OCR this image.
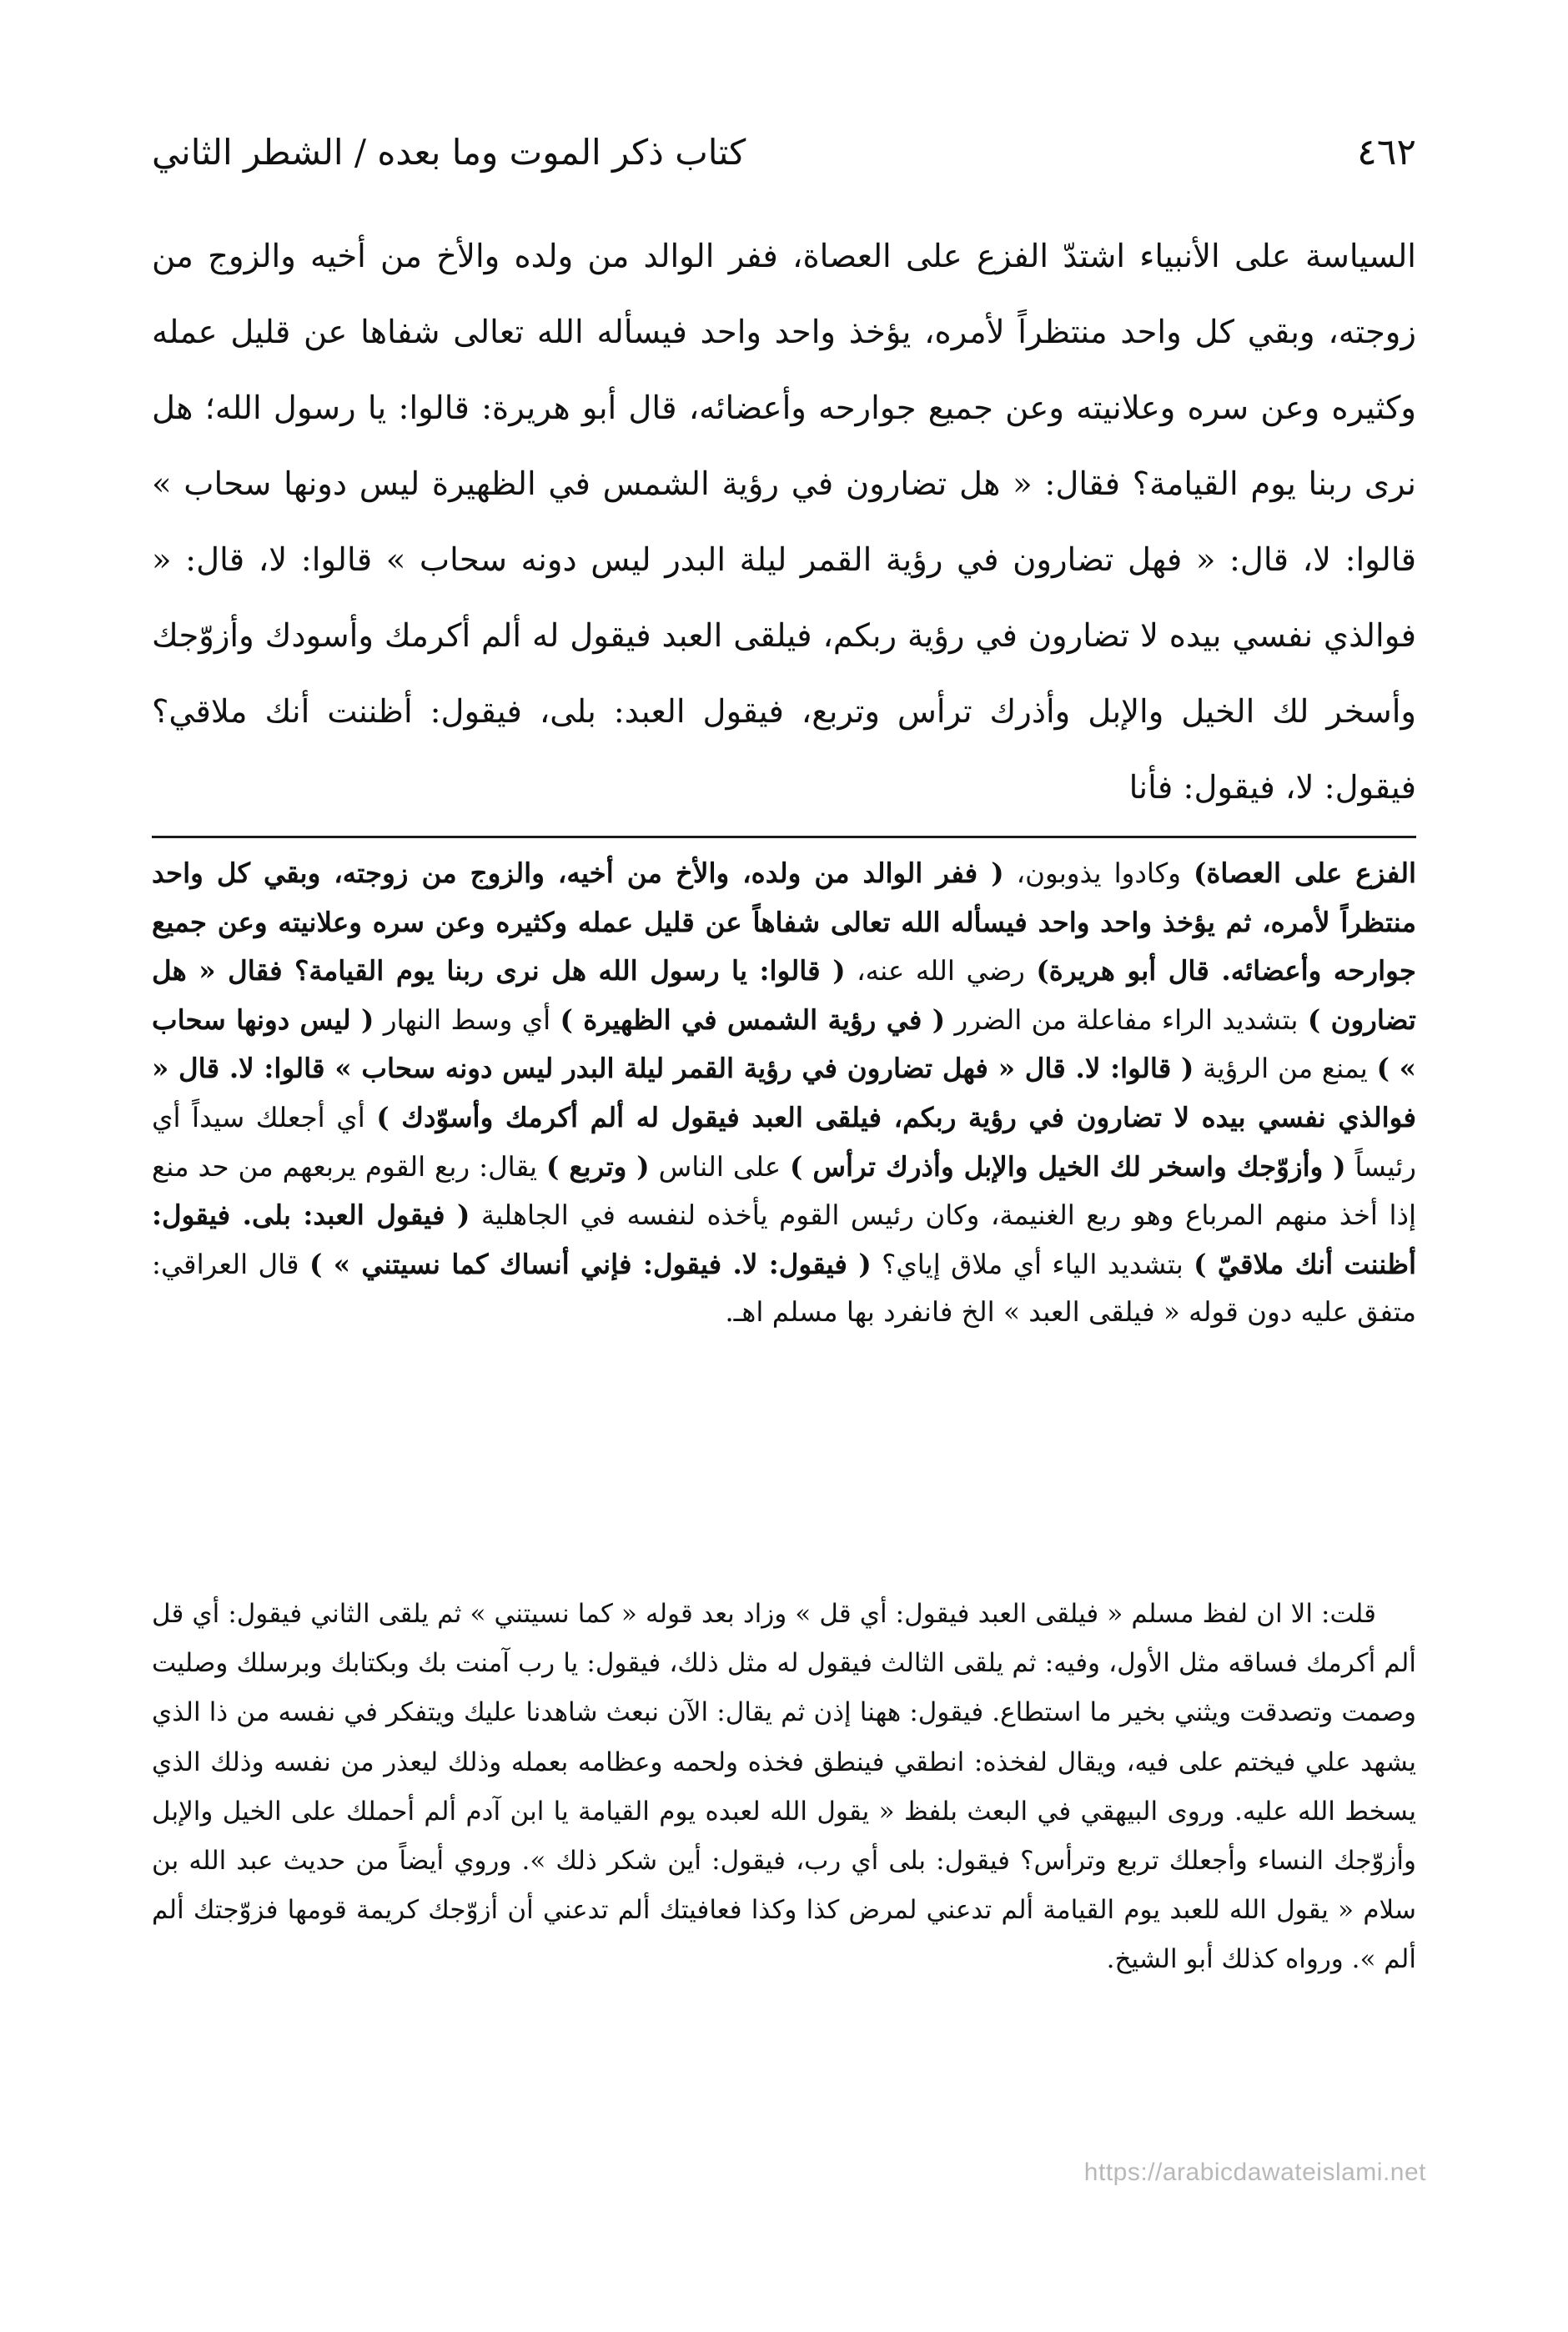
٤٦٢
كتاب ذكر الموت وما بعده / الشطر الثاني

السياسة على الأنبياء اشتدّ الفزع على العصاة، ففر الوالد من ولده والأخ من أخيه والزوج من زوجته، وبقي كل واحد منتظراً لأمره، يؤخذ واحد واحد فيسأله الله تعالى شفاها عن قليل عمله وكثيره وعن سره وعلانيته وعن جميع جوارحه وأعضائه، قال أبو هريرة: قالوا: يا رسول الله؛ هل نرى ربنا يوم القيامة؟ فقال: « هل تضارون في رؤية الشمس في الظهيرة ليس دونها سحاب » قالوا: لا، قال: « فهل تضارون في رؤية القمر ليلة البدر ليس دونه سحاب » قالوا: لا، قال: « فوالذي نفسي بيده لا تضارون في رؤية ربكم، فيلقى العبد فيقول له ألم أكرمك وأسودك وأزوّجك وأسخر لك الخيل والإبل وأذرك ترأس وتربع، فيقول العبد: بلى، فيقول: أظننت أنك ملاقي؟ فيقول: لا، فيقول: فأنا

الفزع على العصاة) وكادوا يذوبون، ( ففر الوالد من ولده، والأخ من أخيه، والزوج من زوجته، وبقي كل واحد منتظراً لأمره، ثم يؤخذ واحد واحد فيسأله الله تعالى شفاهاً عن قليل عمله وكثيره وعن سره وعلانيته وعن جميع جوارحه وأعضائه. قال أبو هريرة) رضي الله عنه، ( قالوا: يا رسول الله هل نرى ربنا يوم القيامة؟ فقال « هل تضارون ) بتشديد الراء مفاعلة من الضرر ( في رؤية الشمس في الظهيرة ) أي وسط النهار ( ليس دونها سحاب » ) يمنع من الرؤية ( قالوا: لا. قال « فهل تضارون في رؤية القمر ليلة البدر ليس دونه سحاب » قالوا: لا. قال « فوالذي نفسي بيده لا تضارون في رؤية ربكم، فيلقى العبد فيقول له ألم أكرمك وأسوّدك ) أي أجعلك سيداً أي رئيساً ( وأزوّجك واسخر لك الخيل والإبل وأذرك ترأس ) على الناس ( وتربع ) يقال: ربع القوم يربعهم من حد منع إذا أخذ منهم المرباع وهو ربع الغنيمة، وكان رئيس القوم يأخذه لنفسه في الجاهلية ( فيقول العبد: بلى. فيقول: أظننت أنك ملاقيّ ) بتشديد الياء أي ملاق إياي؟ ( فيقول: لا. فيقول: فإني أنساك كما نسيتني » ) قال العراقي: متفق عليه دون قوله « فيلقى العبد » الخ فانفرد بها مسلم اهـ.

قلت: الا ان لفظ مسلم « فيلقى العبد فيقول: أي قل » وزاد بعد قوله « كما نسيتني » ثم يلقى الثاني فيقول: أي قل ألم أكرمك فساقه مثل الأول، وفيه: ثم يلقى الثالث فيقول له مثل ذلك، فيقول: يا رب آمنت بك وبكتابك وبرسلك وصليت وصمت وتصدقت ويثني بخير ما استطاع. فيقول: ههنا إذن ثم يقال: الآن نبعث شاهدنا عليك ويتفكر في نفسه من ذا الذي يشهد علي فيختم على فيه، ويقال لفخذه: انطقي فينطق فخذه ولحمه وعظامه بعمله وذلك ليعذر من نفسه وذلك الذي يسخط الله عليه. وروى البيهقي في البعث بلفظ « يقول الله لعبده يوم القيامة يا ابن آدم ألم أحملك على الخيل والإبل وأزوّجك النساء وأجعلك تربع وترأس؟ فيقول: بلى أي رب، فيقول: أين شكر ذلك ». وروي أيضاً من حديث عبد الله بن سلام « يقول الله للعبد يوم القيامة ألم تدعني لمرض كذا وكذا فعافيتك ألم تدعني أن أزوّجك كريمة قومها فزوّجتك ألم ألم ». ورواه كذلك أبو الشيخ.

https://arabicdawateislami.net
